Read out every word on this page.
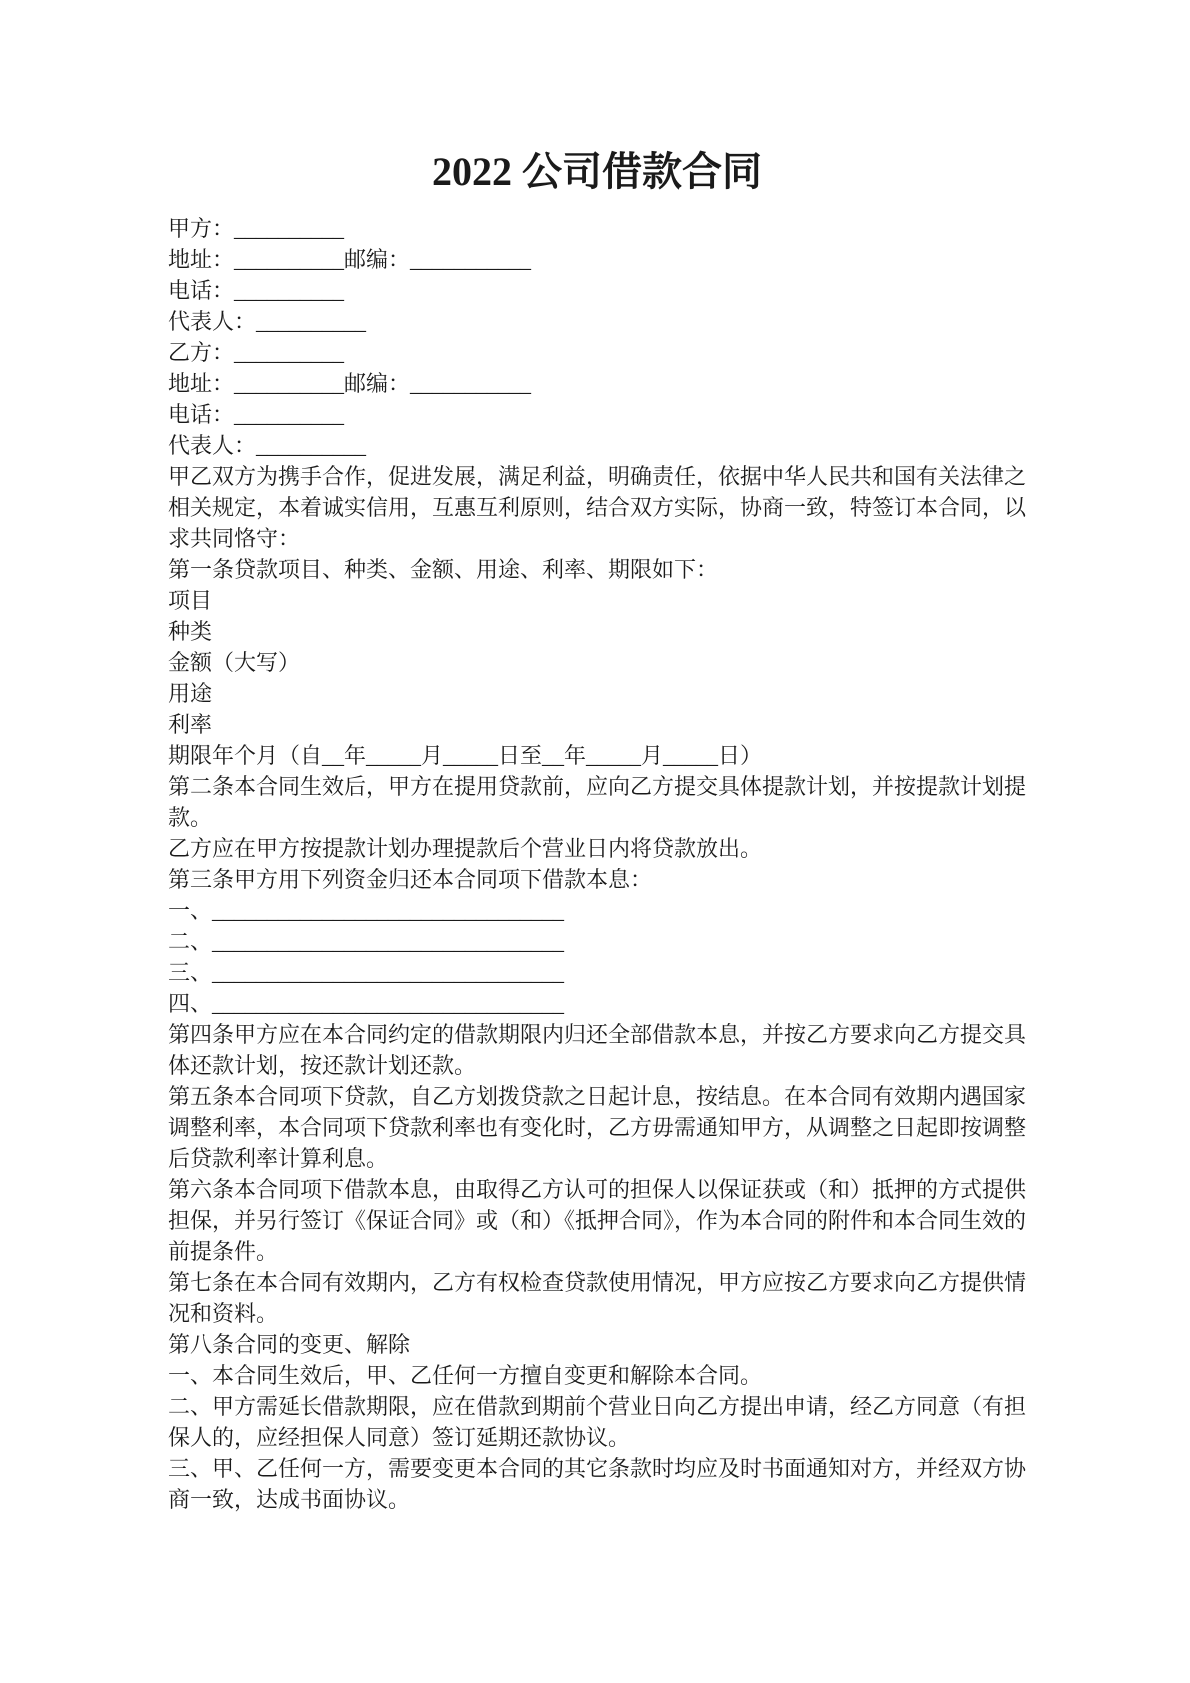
2022 公司借款合同

甲方：__________

地址：__________邮编：___________

电话：__________

代表人：__________

乙方：__________

地址：__________邮编：___________

电话：__________

代表人：__________

甲乙双方为携手合作，促进发展，满足利益，明确责任，依据中华人民共和国有关法律之相关规定，本着诚实信用，互惠互利原则，结合双方实际，协商一致，特签订本合同，以求共同恪守：

第一条贷款项目、种类、金额、用途、利率、期限如下：

项目

种类

金额（大写）

用途

利率

期限年个月（自__年_____月_____日至__年_____月_____日）

第二条本合同生效后，甲方在提用贷款前，应向乙方提交具体提款计划，并按提款计划提款。

乙方应在甲方按提款计划办理提款后个营业日内将贷款放出。

第三条甲方用下列资金归还本合同项下借款本息：

一、________________________________

二、________________________________

三、________________________________

四、________________________________

第四条甲方应在本合同约定的借款期限内归还全部借款本息，并按乙方要求向乙方提交具体还款计划，按还款计划还款。

第五条本合同项下贷款，自乙方划拨贷款之日起计息，按结息。在本合同有效期内遇国家调整利率，本合同项下贷款利率也有变化时，乙方毋需通知甲方，从调整之日起即按调整后贷款利率计算利息。

第六条本合同项下借款本息，由取得乙方认可的担保人以保证获或（和）抵押的方式提供担保，并另行签订《保证合同》或（和）《抵押合同》，作为本合同的附件和本合同生效的前提条件。

第七条在本合同有效期内，乙方有权检查贷款使用情况，甲方应按乙方要求向乙方提供情况和资料。

第八条合同的变更、解除

一、本合同生效后，甲、乙任何一方擅自变更和解除本合同。

二、甲方需延长借款期限，应在借款到期前个营业日向乙方提出申请，经乙方同意（有担保人的，应经担保人同意）签订延期还款协议。

三、甲、乙任何一方，需要变更本合同的其它条款时均应及时书面通知对方，并经双方协商一致，达成书面协议。
